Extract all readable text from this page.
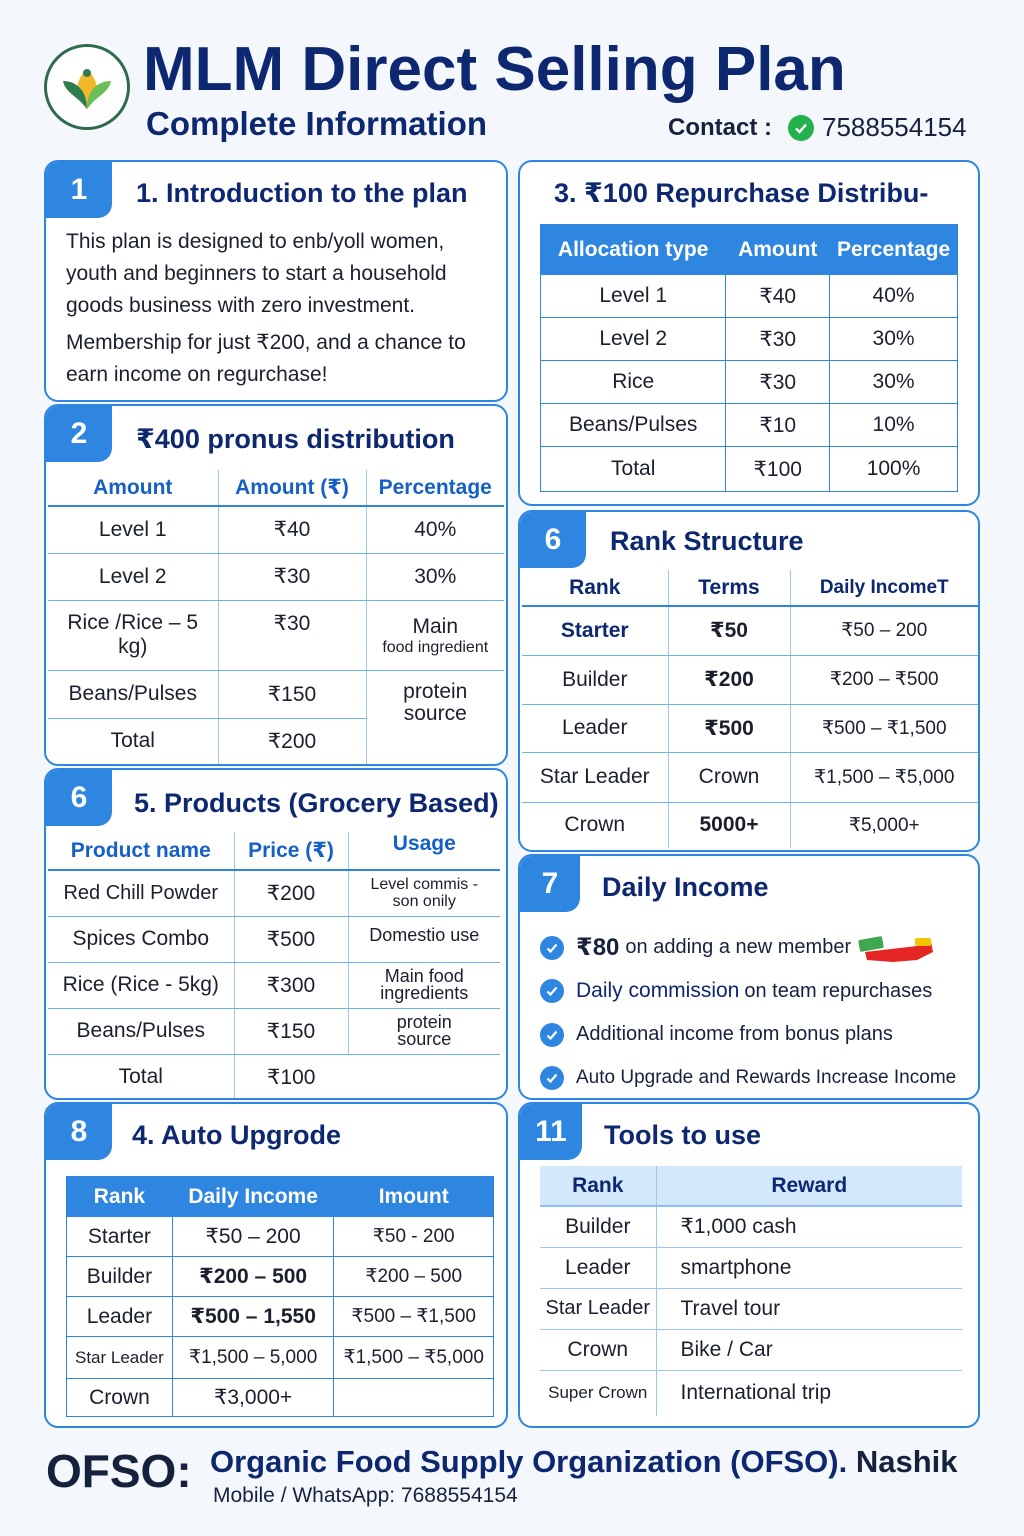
MLM Direct Selling Plan
Complete Information	Contact : 7588554154
1	1. Introduction to the plan
This plan is designed to enb/yoll women, youth and beginners to start a household goods business with zero investment.
Membership for just ₹200, and a chance to earn income on regurchase!
2	₹400 pronus distribution
Amount	Amount (₹)	Percentage
Level 1	₹40	40%
Level 2	₹30	30%
Rice /Rice – 5 kg)	₹30	Main
food ingredient

Beans/Pulses	₹150	protein source
Total	₹200	
6	5. Products (Grocery Based)
Product name	Price (₹)	Usage
Red Chill Powder	₹200	Level commis -
son onily

Spices Combo	₹500	Domestio use
Rice (Rice - 5kg)	₹300	Main food
ingredients

Beans/Pulses	₹150	protein
source

Total	₹100	
8	4. Auto Upgrode
Rank	Daily Income	Imount
Starter	₹50 – 200	₹50 - 200
Builder	₹200 – 500	₹200 – 500
Leader	₹500 – 1,550	₹500 – ₹1,500
Star Leader	₹1,500 – 5,000	₹1,500 – ₹5,000
Crown	₹3,000+	
3. ₹100 Repurchase Distribu-
Allocation type	Amount	Percentage
Level 1	₹40	40%
Level 2	₹30	30%
Rice	₹30	30%
Beans/Pulses	₹10	10%
Total	₹100	100%
6	Rank Structure
Rank	Terms	Daily IncomeT
Starter	₹50	₹50 – 200
Builder	₹200	₹200 – ₹500
Leader	₹500	₹500 – ₹1,500
Star Leader	Crown	₹1,500 – ₹5,000
Crown	5000+	₹5,000+
7	Daily Income
₹80 on adding a new member
Daily commission on team repurchases
Additional income from bonus plans
Auto Upgrade and Rewards Increase Income
11	Tools to use
Rank	Reward
Builder	₹1,000 cash
Leader	smartphone
Star Leader	Travel tour
Crown	Bike / Car
Super Crown	International trip
OFSO: Organic Food Supply Organization (OFSO). Nashik
Mobile / WhatsApp: 7688554154
